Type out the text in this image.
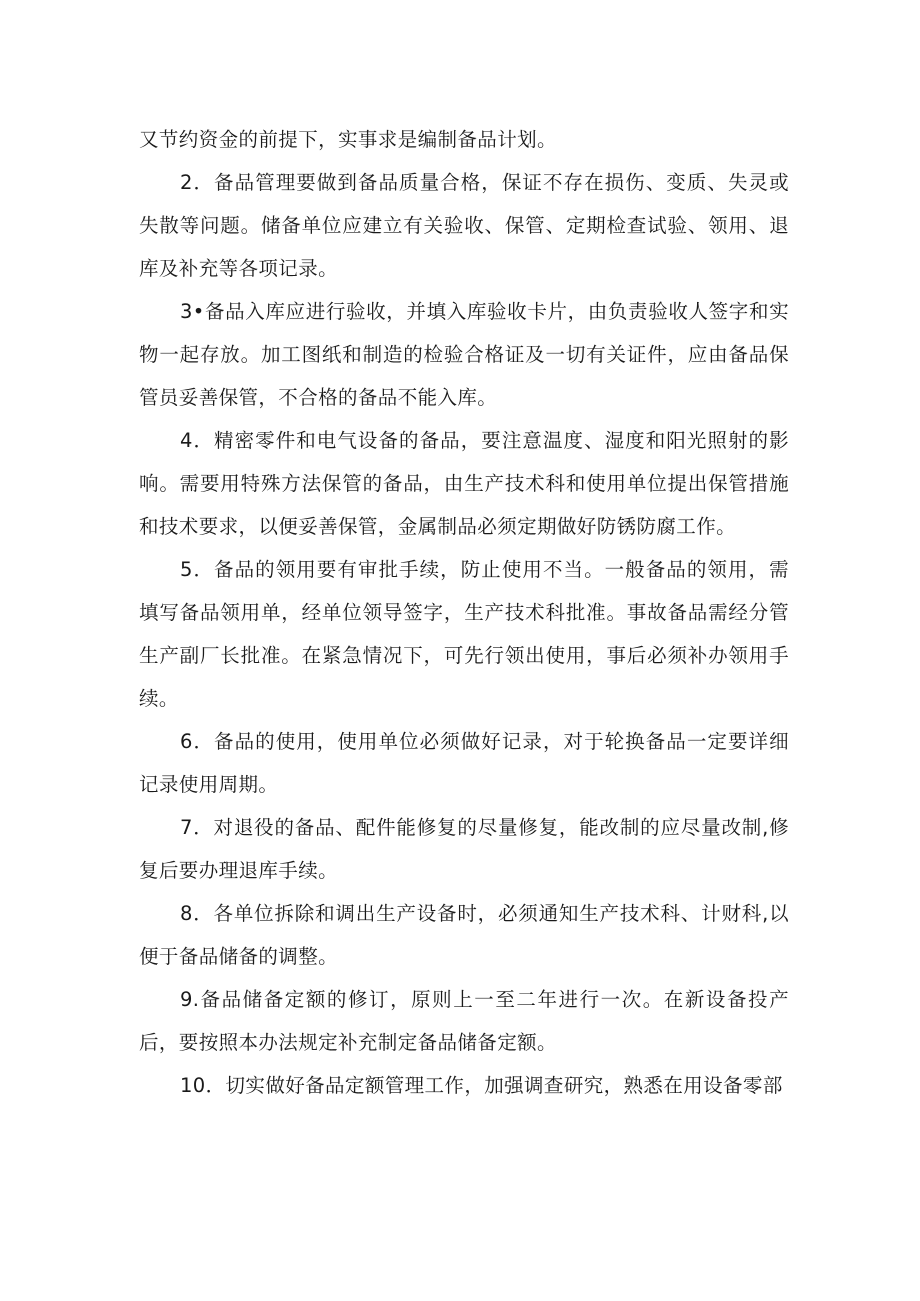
又节约资金的前提下，实事求是编制备品计划。

2．备品管理要做到备品质量合格，保证不存在损伤、变质、失灵或失散等问题。储备单位应建立有关验收、保管、定期检查试验、领用、退库及补充等各项记录。

3•备品入库应进行验收，并填入库验收卡片，由负责验收人签字和实物一起存放。加工图纸和制造的检验合格证及一切有关证件，应由备品保管员妥善保管，不合格的备品不能入库。

4．精密零件和电气设备的备品，要注意温度、湿度和阳光照射的影响。需要用特殊方法保管的备品，由生产技术科和使用单位提出保管措施和技术要求，以便妥善保管，金属制品必须定期做好防锈防腐工作。

5．备品的领用要有审批手续，防止使用不当。一般备品的领用，需填写备品领用单，经单位领导签字，生产技术科批准。事故备品需经分管生产副厂长批准。在紧急情况下，可先行领出使用，事后必须补办领用手续。

6．备品的使用，使用单位必须做好记录，对于轮换备品一定要详细记录使用周期。

7．对退役的备品、配件能修复的尽量修复，能改制的应尽量改制,修复后要办理退库手续。

8．各单位拆除和调出生产设备时，必须通知生产技术科、计财科,以便于备品储备的调整。

9.备品储备定额的修订，原则上一至二年进行一次。在新设备投产后，要按照本办法规定补充制定备品储备定额。

10．切实做好备品定额管理工作，加强调查研究，熟悉在用设备零部
